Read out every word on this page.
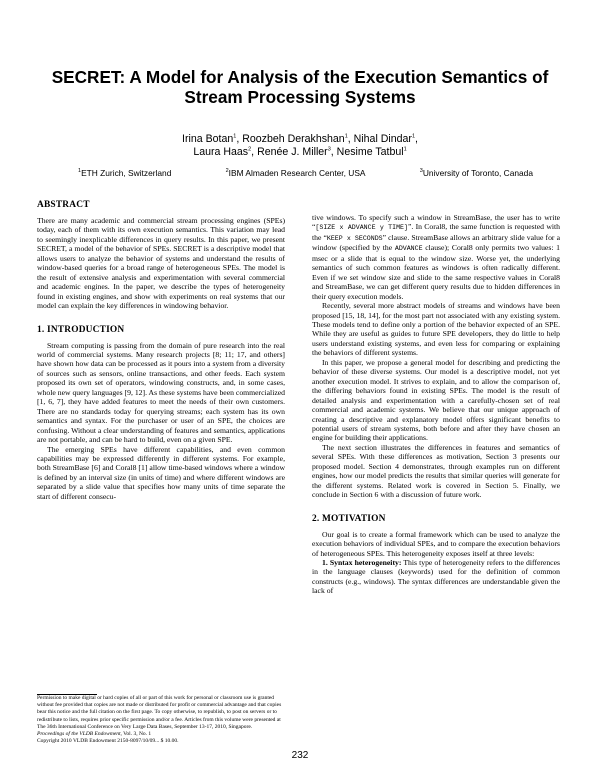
SECRET: A Model for Analysis of the Execution Semantics of Stream Processing Systems
Irina Botan$^1$, Roozbeh Derakhshan$^1$, Nihal Dindar$^1$,
Laura Haas$^2$, Renée J. Miller$^3$, Nesime Tatbul$^1$
$^1$ETH Zurich, Switzerland	$^2$IBM Almaden Research Center, USA	$^3$University of Toronto, Canada
ABSTRACT

There are many academic and commercial stream processing engines (SPEs) today, each of them with its own execution semantics. This variation may lead to seemingly inexplicable differences in query results. In this paper, we present SECRET, a model of the behavior of SPEs. SECRET is a descriptive model that allows users to analyze the behavior of systems and understand the results of window-based queries for a broad range of heterogeneous SPEs. The model is the result of extensive analysis and experimentation with several commercial and academic engines. In the paper, we describe the types of heterogeneity found in existing engines, and show with experiments on real systems that our model can explain the key differences in windowing behavior.

1. INTRODUCTION

Stream computing is passing from the domain of pure research into the real world of commercial systems. Many research projects [8; 11; 17, and others] have shown how data can be processed as it pours into a system from a diversity of sources such as sensors, online transactions, and other feeds. Each system proposed its own set of operators, windowing constructs, and, in some cases, whole new query languages [9, 12]. As these systems have been commercialized [1, 6, 7], they have added features to meet the needs of their own customers. There are no standards today for querying streams; each system has its own semantics and syntax. For the purchaser or user of an SPE, the choices are confusing. Without a clear understanding of features and semantics, applications are not portable, and can be hard to build, even on a given SPE.

The emerging SPEs have different capabilities, and even common capabilities may be expressed differently in different systems. For example, both StreamBase [6] and Coral8 [1] allow time-based windows where a window is defined by an interval size (in units of time) and where different windows are separated by a slide value that specifies how many units of time separate the start of different consecu-

Permission to make digital or hard copies of all or part of this work for personal or classroom use is granted without fee provided that copies are not made or distributed for profit or commercial advantage and that copies bear this notice and the full citation on the first page. To copy otherwise, to republish, to post on servers or to redistribute to lists, requires prior specific permission and/or a fee. Articles from this volume were presented at The 36th International Conference on Very Large Data Bases, September 13-17, 2010, Singapore.
Proceedings of the VLDB Endowment, Vol. 3, No. 1
Copyright 2010 VLDB Endowment 2150-8097/10/09... $ 10.00.

tive windows. To specify such a window in StreamBase, the user has to write “[SIZE x ADVANCE y TIME]”. In Coral8, the same function is requested with the “KEEP x SECONDS” clause. StreamBase allows an arbitrary slide value for a window (specified by the ADVANCE clause); Coral8 only permits two values: 1 msec or a slide that is equal to the window size. Worse yet, the underlying semantics of such common features as windows is often radically different. Even if we set window size and slide to the same respective values in Coral8 and StreamBase, we can get different query results due to hidden differences in their query execution models.

Recently, several more abstract models of streams and windows have been proposed [15, 18, 14], for the most part not associated with any existing system. These models tend to define only a portion of the behavior expected of an SPE. While they are useful as guides to future SPE developers, they do little to help users understand existing systems, and even less for comparing or explaining the behaviors of different systems.

In this paper, we propose a general model for describing and predicting the behavior of these diverse systems. Our model is a descriptive model, not yet another execution model. It strives to explain, and to allow the comparison of, the differing behaviors found in existing SPEs. The model is the result of detailed analysis and experimentation with a carefully-chosen set of real commercial and academic systems. We believe that our unique approach of creating a descriptive and explanatory model offers significant benefits to potential users of stream systems, both before and after they have chosen an engine for building their applications.

The next section illustrates the differences in features and semantics of several SPEs. With these differences as motivation, Section 3 presents our proposed model. Section 4 demonstrates, through examples run on different engines, how our model predicts the results that similar queries will generate for the different systems. Related work is covered in Section 5. Finally, we conclude in Section 6 with a discussion of future work.

2. MOTIVATION

Our goal is to create a formal framework which can be used to analyze the execution behaviors of individual SPEs, and to compare the execution behaviors of heterogeneous SPEs. This heterogeneity exposes itself at three levels:

1. Syntax heterogeneity: This type of heterogeneity refers to the differences in the language clauses (keywords) used for the definition of common constructs (e.g., windows). The syntax differences are understandable given the lack of

232
